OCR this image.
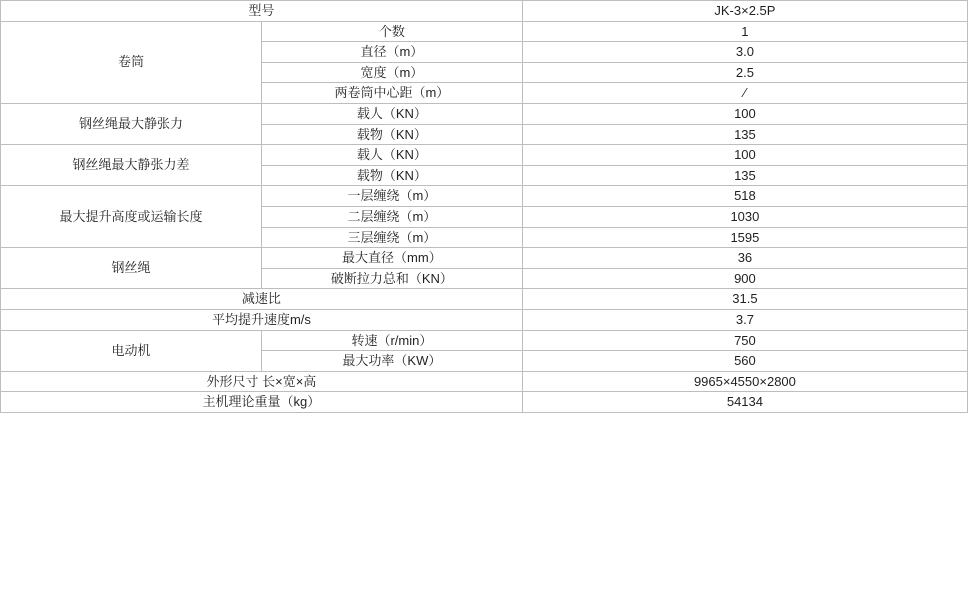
型号		JK-3×2.5P
卷筒	个数	1
	直径（m）	3.0
	宽度（m）	2.5
	两卷筒中心距（m）	∕
钢丝绳最大静张力	载人（KN）	100
	载物（KN）	135
钢丝绳最大静张力差	载人（KN）	100
	载物（KN）	135
最大提升高度或运输长度	一层缠绕（m）	518
	二层缠绕（m）	1030
	三层缠绕（m）	1595
钢丝绳	最大直径（mm）	36
	破断拉力总和（KN）	900
减速比		31.5
平均提升速度m/s		3.7
电动机	转速（r/min）	750
	最大功率（KW）	560
外形尺寸 长×宽×高		9965×4550×2800
主机理论重量（kg）		54134
